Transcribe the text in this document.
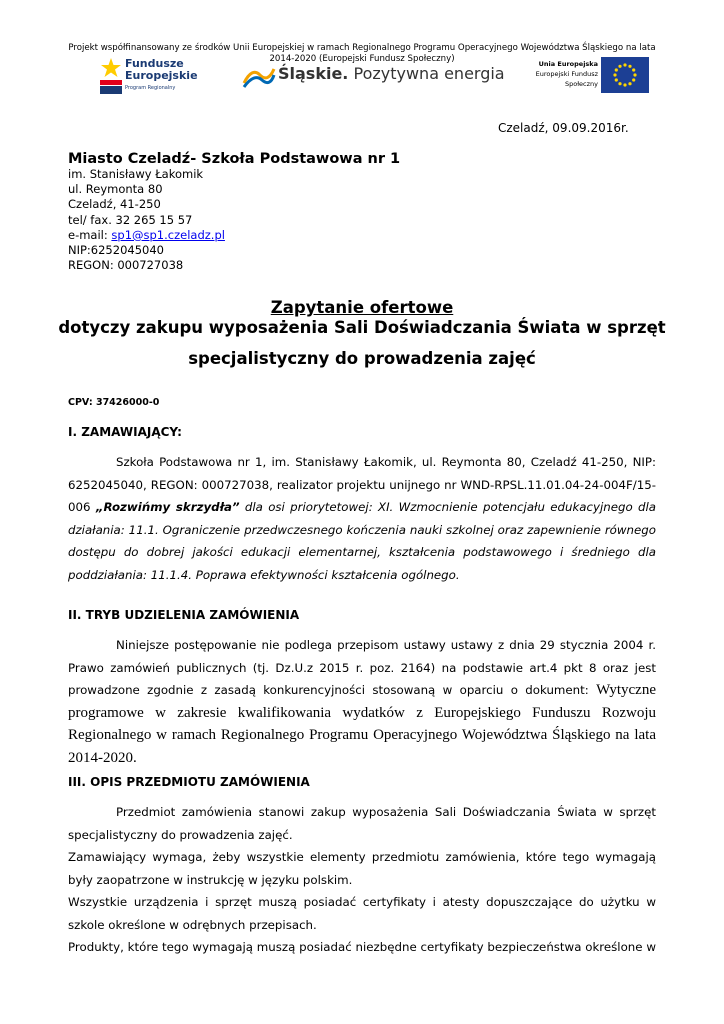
Projekt współfinansowany ze środków Unii Europejskiej w ramach Regionalnego Programu Operacyjnego Województwa Śląskiego na lata 2014-2020 (Europejski Fundusz Społeczny)
Fundusze
Europejskie
Program Regionalny
Śląskie. Pozytywna energia	Unia Europejska
Europejski Fundusz Społeczny
Czeladź, 09.09.2016r.
Miasto Czeladź- Szkoła Podstawowa nr 1
im. Stanisławy Łakomik
ul. Reymonta 80
Czeladź, 41-250
tel/ fax. 32 265 15 57
e-mail: sp1@sp1.czeladz.pl
NIP:6252045040
REGON: 000727038
Zapytanie ofertowe
dotyczy zakupu wyposażenia Sali Doświadczania Świata w sprzęt
specjalistyczny do prowadzenia zajęć
CPV: 37426000-0
I. ZAMAWIAJĄCY:
Szkoła Podstawowa nr 1, im. Stanisławy Łakomik, ul. Reymonta 80, Czeladź 41-250, NIP: 6252045040, REGON: 000727038, realizator projektu unijnego nr WND-RPSL.11.01.04-24-004F/15-006 „Rozwińmy skrzydła” dla osi priorytetowej: XI. Wzmocnienie potencjału edukacyjnego dla działania: 11.1. Ograniczenie przedwczesnego kończenia nauki szkolnej oraz zapewnienie równego dostępu do dobrej jakości edukacji elementarnej, kształcenia podstawowego i średniego dla poddziałania: 11.1.4. Poprawa efektywności kształcenia ogólnego.
II. TRYB UDZIELENIA ZAMÓWIENIA
Niniejsze postępowanie nie podlega przepisom ustawy ustawy z dnia 29 stycznia 2004 r. Prawo zamówień publicznych (tj. Dz.U.z 2015 r. poz. 2164) na podstawie art.4 pkt 8 oraz jest prowadzone zgodnie z zasadą konkurencyjności stosowaną w oparciu o dokument: Wytyczne programowe w zakresie kwalifikowania wydatków z Europejskiego Funduszu Rozwoju Regionalnego w ramach Regionalnego Programu Operacyjnego Województwa Śląskiego na lata 2014-2020.
III. OPIS PRZEDMIOTU ZAMÓWIENIA
Przedmiot zamówienia stanowi zakup wyposażenia Sali Doświadczania Świata w sprzęt specjalistyczny do prowadzenia zajęć.
Zamawiający wymaga, żeby wszystkie elementy przedmiotu zamówienia, które tego wymagają były zaopatrzone w instrukcję w języku polskim.
Wszystkie urządzenia i sprzęt muszą posiadać certyfikaty i atesty dopuszczające do użytku w szkole określone w odrębnych przepisach.
Produkty, które tego wymagają muszą posiadać niezbędne certyfikaty bezpieczeństwa określone w
